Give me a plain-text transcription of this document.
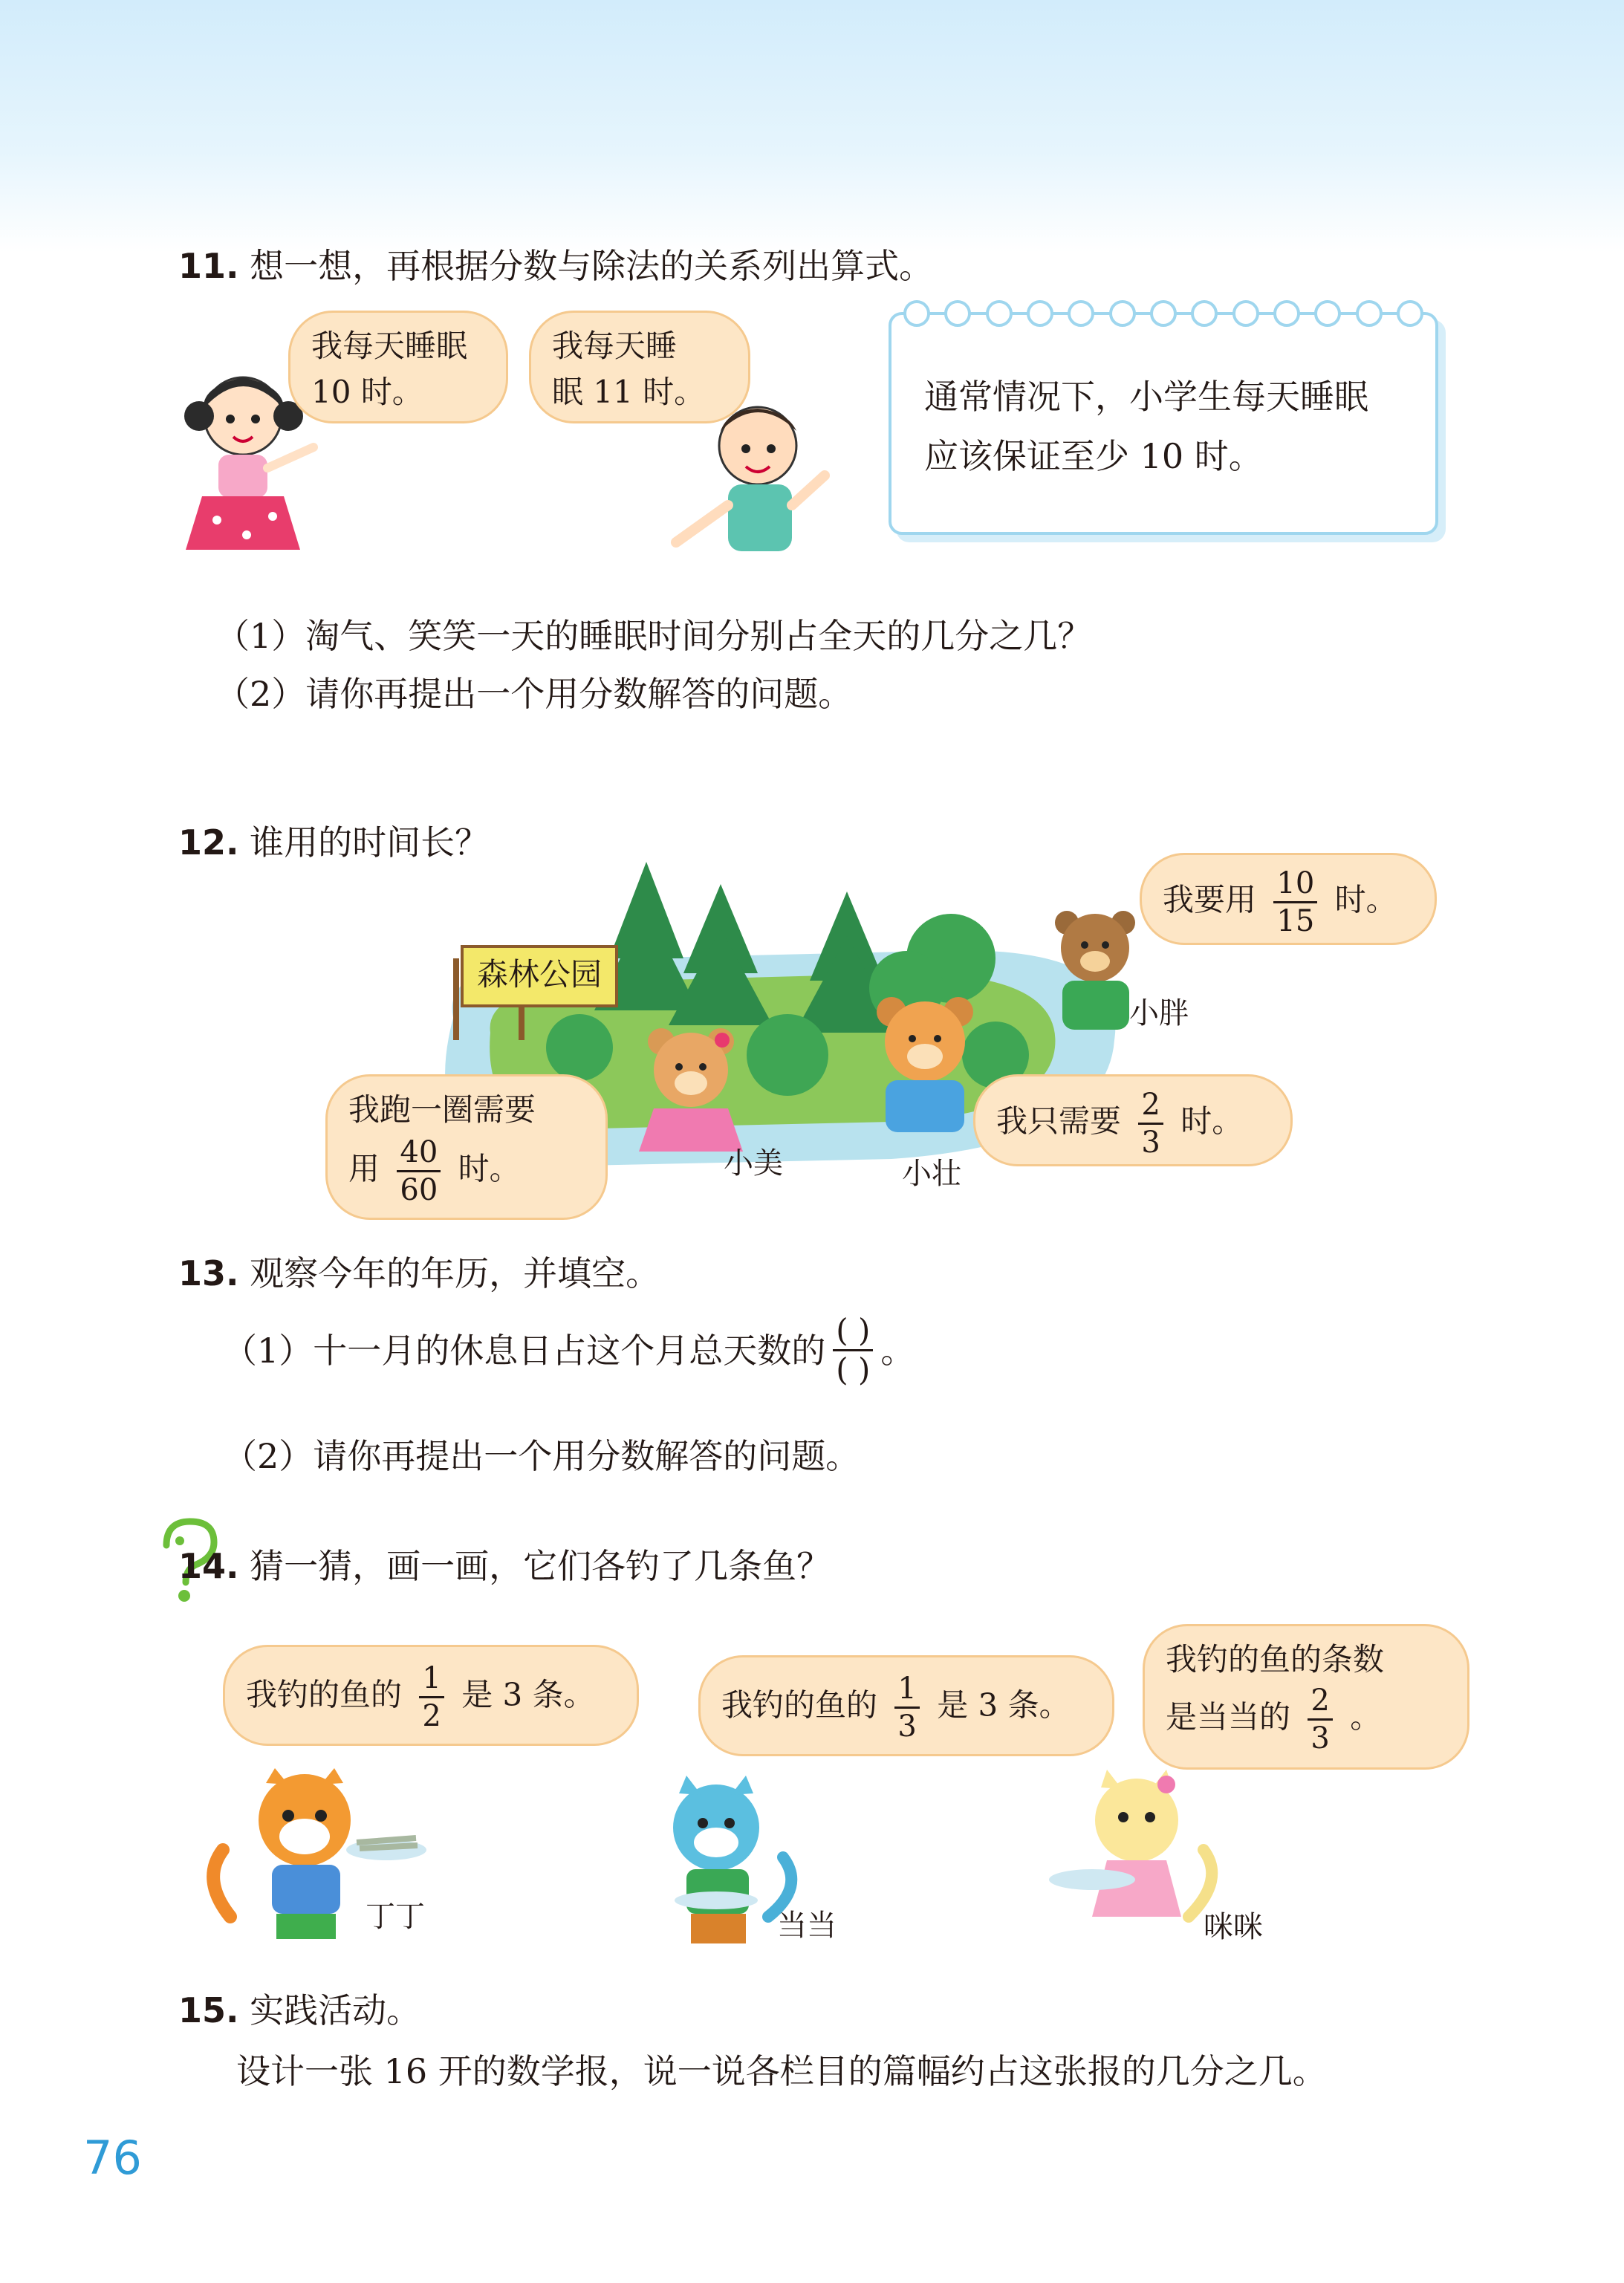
11. 想一想，再根据分数与除法的关系列出算式。
我每天睡眠
10 时。
我每天睡
眠 11 时。	通常情况下，小学生每天睡眠
应该保证至少 10 时。
（1）淘气、笑笑一天的睡眠时间分别占全天的几分之几？
（2）请你再提出一个用分数解答的问题。
12. 谁用的时间长？
森林公园
我要用 $\frac{10}{15}$ 时。
小胖
我跑一圈需要
用 $\frac{40}{60}$ 时。	小美
我只需要 $\frac{2}{3}$ 时。
小壮
13. 观察今年的年历，并填空。
（1）十一月的休息日占这个月总天数的 $\frac{( )}{( )}$ 。
（2）请你再提出一个用分数解答的问题。
14. 猜一猜，画一画，它们各钓了几条鱼？
我钓的鱼的 $\frac{1}{2}$ 是 3 条。	我钓的鱼的 $\frac{1}{3}$ 是 3 条。
我钓的鱼的条数
是当当的 $\frac{2}{3}$ 。
丁丁	当当	咪咪
15. 实践活动。
设计一张 16 开的数学报，说一说各栏目的篇幅约占这张报的几分之几。
76
